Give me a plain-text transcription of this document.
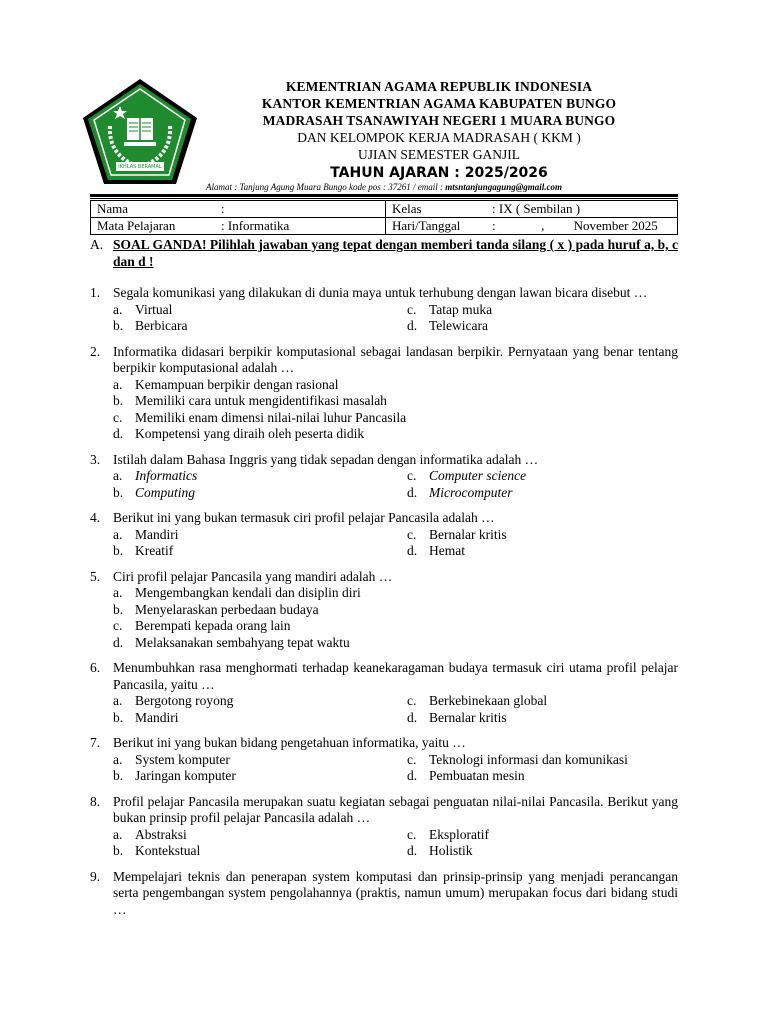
IKHLAS BERAMAL
KEMENTRIAN AGAMA REPUBLIK INDONESIA
KANTOR KEMENTRIAN AGAMA KABUPATEN BUNGO
MADRASAH TSANAWIYAH NEGERI 1 MUARA BUNGO
DAN KELOMPOK KERJA MADRASAH ( KKM )
UJIAN SEMESTER GANJIL
TAHUN AJARAN : 2025/2026
Alamat : Tanjung Agung Muara Bungo kode pos : 37261 / email : mtsntanjungagung@gmail.com
Nama :	Kelas : IX ( Sembilan )
Mata Pelajaran : Informatika	Hari/Tanggal :              ,         November 2025
A. SOAL GANDA! Pilihlah jawaban yang tepat dengan memberi tanda silang ( x ) pada huruf a, b, c dan d !
1. Segala komunikasi yang dilakukan di dunia maya untuk terhubung dengan lawan bicara disebut …
a. Virtual	c. Tatap muka
b. Berbicara	d. Telewicara
2. Informatika didasari berpikir komputasional sebagai landasan berpikir. Pernyataan yang benar tentang berpikir komputasional adalah …
a. Kemampuan berpikir dengan rasional
b. Memiliki cara untuk mengidentifikasi masalah
c. Memiliki enam dimensi nilai-nilai luhur Pancasila
d. Kompetensi yang diraih oleh peserta didik
3. Istilah dalam Bahasa Inggris yang tidak sepadan dengan informatika adalah …
a. Informatics	c. Computer science
b. Computing	d. Microcomputer
4. Berikut ini yang bukan termasuk ciri profil pelajar Pancasila adalah …
a. Mandiri	c. Bernalar kritis
b. Kreatif	d. Hemat
5. Ciri profil pelajar Pancasila yang mandiri adalah …
a. Mengembangkan kendali dan disiplin diri
b. Menyelaraskan perbedaan budaya
c. Berempati kepada orang lain
d. Melaksanakan sembahyang tepat waktu
6. Menumbuhkan rasa menghormati terhadap keanekaragaman budaya termasuk ciri utama profil pelajar Pancasila, yaitu …
a. Bergotong royong	c. Berkebinekaan global
b. Mandiri	d. Bernalar kritis
7. Berikut ini yang bukan bidang pengetahuan informatika, yaitu …
a. System komputer	c. Teknologi informasi dan komunikasi
b. Jaringan komputer	d. Pembuatan mesin
8. Profil pelajar Pancasila merupakan suatu kegiatan sebagai penguatan nilai-nilai Pancasila. Berikut yang bukan prinsip profil pelajar Pancasila adalah …
a. Abstraksi	c. Eksploratif
b. Kontekstual	d. Holistik
9. Mempelajari teknis dan penerapan system komputasi dan prinsip-prinsip yang menjadi perancangan serta pengembangan system pengolahannya (praktis, namun umum) merupakan focus dari bidang studi …
